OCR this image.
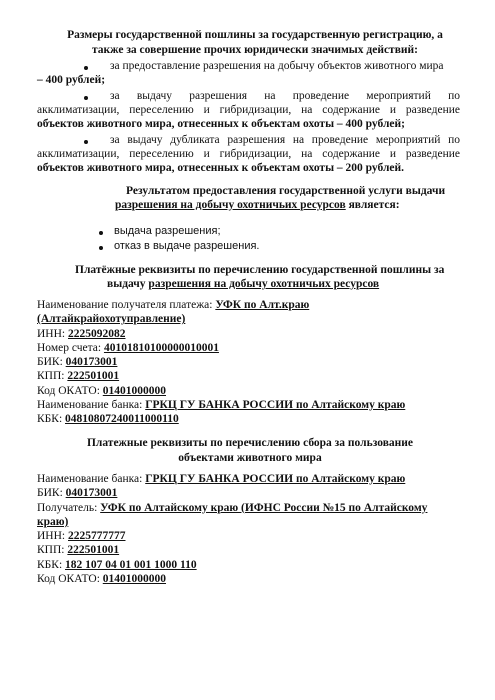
Размеры государственной пошлины за государственную регистрацию, а
также за совершение прочих юридически значимых действий:
за предоставление разрешения на добычу объектов животного мира
– 400 рублей;
за выдачу разрешения на проведение мероприятий по
акклиматизации, переселению и гибридизации, на содержание и разведение
объектов животного мира, отнесенных к объектам охоты – 400 рублей;
за выдачу дубликата разрешения на проведение мероприятий по
акклиматизации, переселению и гибридизации, на содержание и разведение
объектов животного мира, отнесенных к объектам охоты – 200 рублей.
Результатом предоставления государственной услуги выдачи
разрешения на добычу охотничьих ресурсов является:
выдача разрешения;
отказ в выдаче разрешения.
Платёжные реквизиты по перечислению государственной пошлины за
выдачу разрешения на добычу охотничьих ресурсов
Наименование получателя платежа: УФК по Алт.краю
(Алтайкрайохотуправление)
ИНН: 2225092082
Номер счета: 40101810100000010001
БИК: 040173001
КПП: 222501001
Код ОКАТО: 01401000000
Наименование банка: ГРКЦ ГУ БАНКА РОССИИ по Алтайскому краю
КБК: 04810807240011000110
Платежные реквизиты по перечислению сбора за пользование
объектами животного мира
Наименование банка: ГРКЦ ГУ БАНКА РОССИИ по Алтайскому краю
БИК: 040173001
Получатель: УФК по Алтайскому краю (ИФНС России №15 по Алтайскому
краю)
ИНН: 2225777777
КПП: 222501001
КБК: 182 107 04 01 001 1000 110
Код ОКАТО: 01401000000
